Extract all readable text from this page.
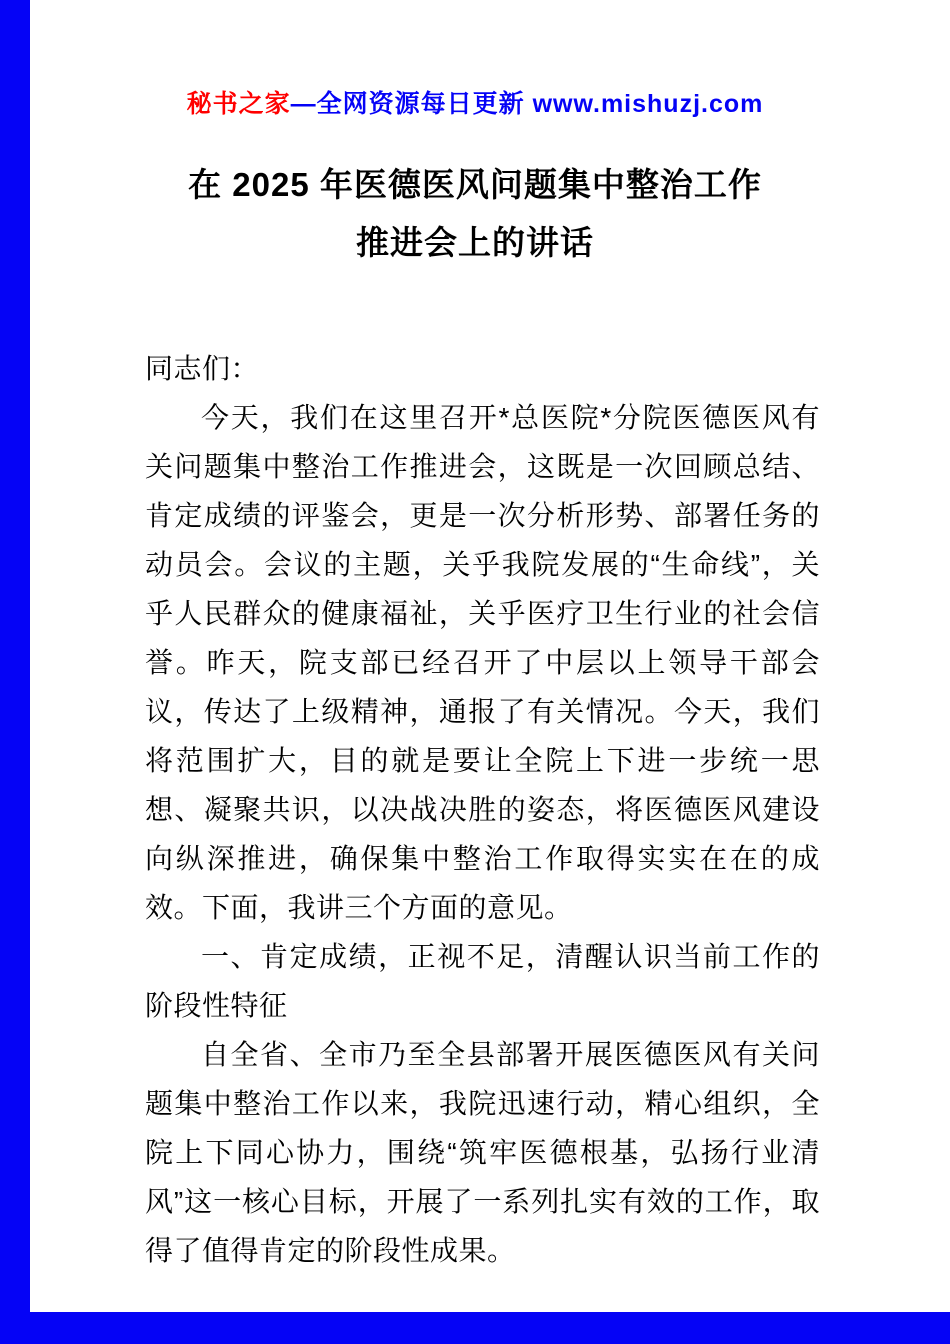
秘书之家—全网资源每日更新 www.mishuzj.com
在 2025 年医德医风问题集中整治工作
推进会上的讲话

同志们：

今天，我们在这里召开*总医院*分院医德医风有关问题集中整治工作推进会，这既是一次回顾总结、肯定成绩的评鉴会，更是一次分析形势、部署任务的动员会。会议的主题，关乎我院发展的“生命线”，关乎人民群众的健康福祉，关乎医疗卫生行业的社会信誉。昨天，院支部已经召开了中层以上领导干部会议，传达了上级精神，通报了有关情况。今天，我们将范围扩大，目的就是要让全院上下进一步统一思想、凝聚共识，以决战决胜的姿态，将医德医风建设向纵深推进，确保集中整治工作取得实实在在的成效。下面，我讲三个方面的意见。

一、肯定成绩，正视不足，清醒认识当前工作的阶段性特征

自全省、全市乃至全县部署开展医德医风有关问题集中整治工作以来，我院迅速行动，精心组织，全院上下同心协力，围绕“筑牢医德根基，弘扬行业清风”这一核心目标，开展了一系列扎实有效的工作，取得了值得肯定的阶段性成果。
